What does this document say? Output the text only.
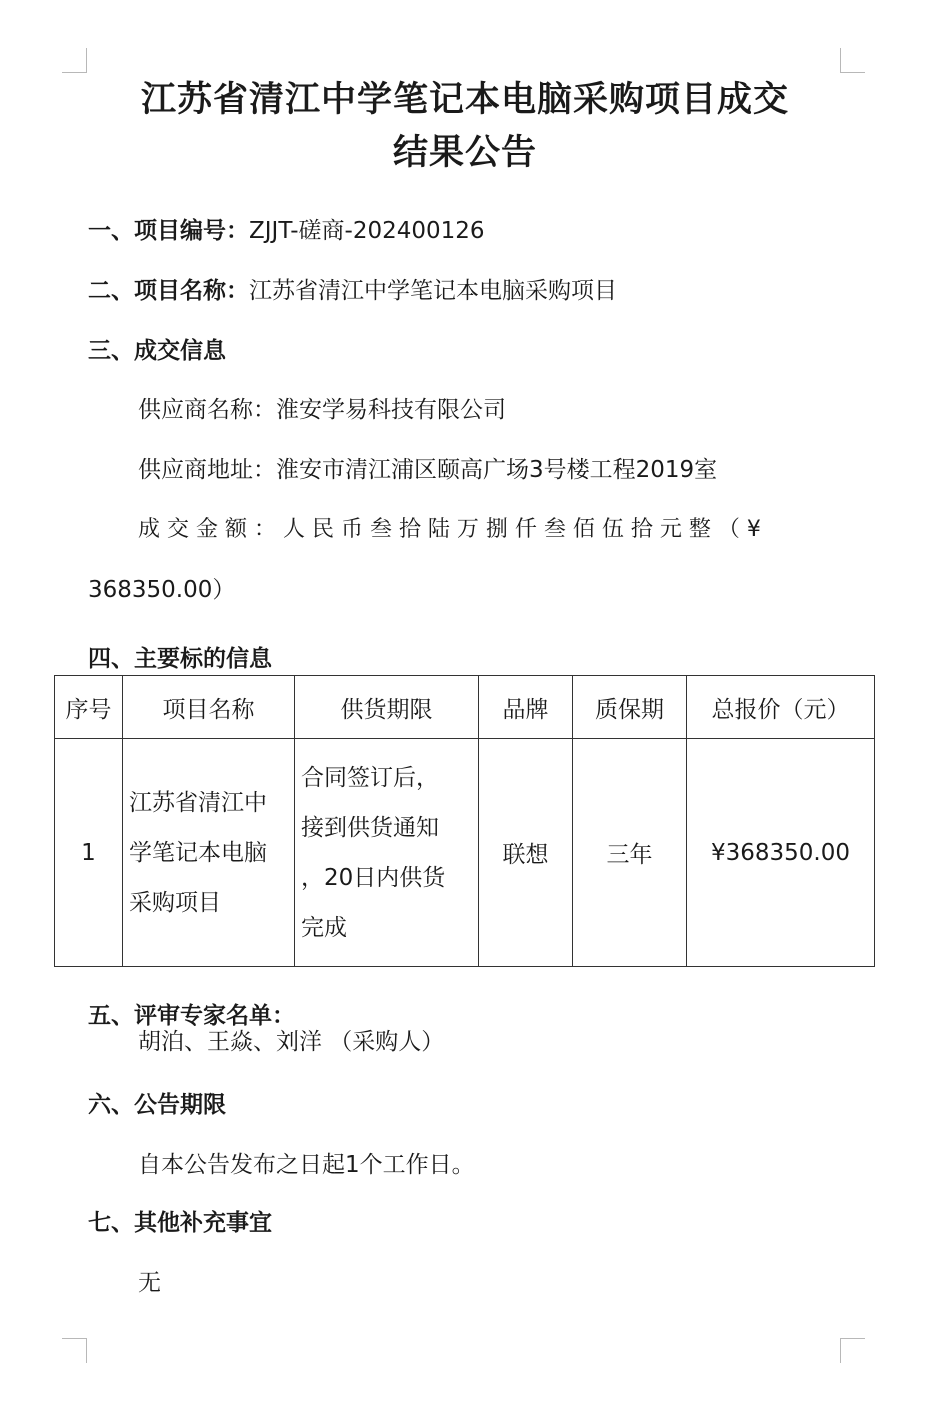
江苏省清江中学笔记本电脑采购项目成交
结果公告
一、项目编号：ZJJT-磋商-202400126
二、项目名称：江苏省清江中学笔记本电脑采购项目
三、成交信息
供应商名称：淮安学易科技有限公司
供应商地址：淮安市清江浦区颐高广场3号楼工程2019室
成 交 金 额 ： 人 民 币 叁 拾 陆 万 捌 仟 叁 佰 伍 拾 元 整 （ ¥
368350.00）
四、主要标的信息
序号	项目名称	供货期限	品牌	质保期	总报价（元）
1	江苏省清江中
学笔记本电脑
采购项目	合同签订后，
接到供货通知
，20日内供货
完成	联想	三年	¥368350.00
五、评审专家名单：
胡泊、王焱、刘洋 （采购人）
六、公告期限
自本公告发布之日起1个工作日。
七、其他补充事宜
无
